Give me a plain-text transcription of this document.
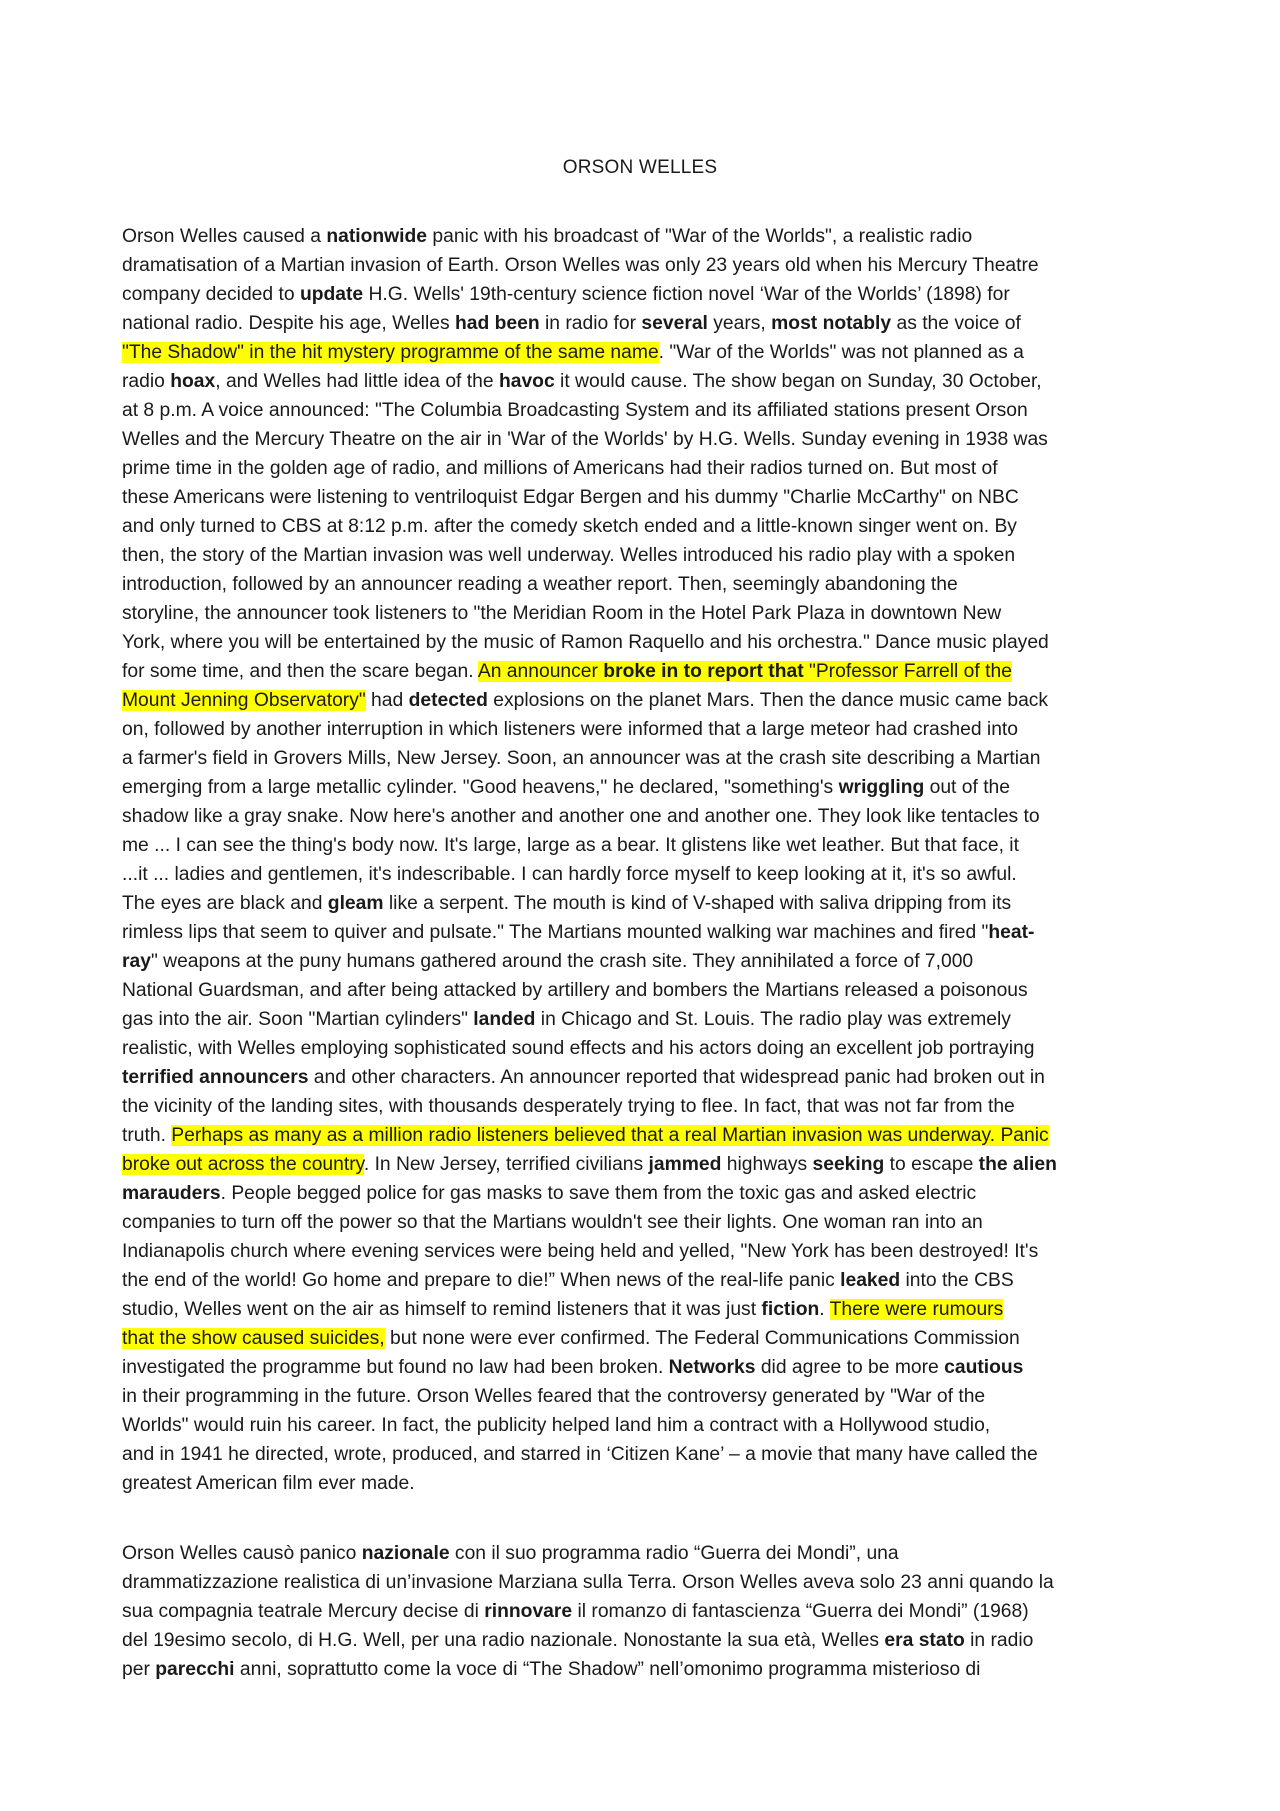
ORSON WELLES
Orson Welles caused a nationwide panic with his broadcast of "War of the Worlds", a realistic radio
dramatisation of a Martian invasion of Earth. Orson Welles was only 23 years old when his Mercury Theatre
company decided to update H.G. Wells' 19th-century science fiction novel ‘War of the Worlds’ (1898) for
national radio. Despite his age, Welles had been in radio for several years, most notably as the voice of
"The Shadow" in the hit mystery programme of the same name. "War of the Worlds" was not planned as a
radio hoax, and Welles had little idea of the havoc it would cause. The show began on Sunday, 30 October,
at 8 p.m. A voice announced: "The Columbia Broadcasting System and its affiliated stations present Orson
Welles and the Mercury Theatre on the air in 'War of the Worlds' by H.G. Wells. Sunday evening in 1938 was
prime time in the golden age of radio, and millions of Americans had their radios turned on. But most of
these Americans were listening to ventriloquist Edgar Bergen and his dummy "Charlie McCarthy" on NBC
and only turned to CBS at 8:12 p.m. after the comedy sketch ended and a little-known singer went on. By
then, the story of the Martian invasion was well underway. Welles introduced his radio play with a spoken
introduction, followed by an announcer reading a weather report. Then, seemingly abandoning the
storyline, the announcer took listeners to "the Meridian Room in the Hotel Park Plaza in downtown New
York, where you will be entertained by the music of Ramon Raquello and his orchestra." Dance music played
for some time, and then the scare began. An announcer broke in to report that "Professor Farrell of the
Mount Jenning Observatory" had detected explosions on the planet Mars. Then the dance music came back
on, followed by another interruption in which listeners were informed that a large meteor had crashed into
a farmer's field in Grovers Mills, New Jersey. Soon, an announcer was at the crash site describing a Martian
emerging from a large metallic cylinder. "Good heavens," he declared, "something's wriggling out of the
shadow like a gray snake. Now here's another and another one and another one. They look like tentacles to
me ... I can see the thing's body now. It's large, large as a bear. It glistens like wet leather. But that face, it
...it ... ladies and gentlemen, it's indescribable. I can hardly force myself to keep looking at it, it's so awful.
The eyes are black and gleam like a serpent. The mouth is kind of V-shaped with saliva dripping from its
rimless lips that seem to quiver and pulsate." The Martians mounted walking war machines and fired "heat-
ray" weapons at the puny humans gathered around the crash site. They annihilated a force of 7,000
National Guardsman, and after being attacked by artillery and bombers the Martians released a poisonous
gas into the air. Soon "Martian cylinders" landed in Chicago and St. Louis. The radio play was extremely
realistic, with Welles employing sophisticated sound effects and his actors doing an excellent job portraying
terrified announcers and other characters. An announcer reported that widespread panic had broken out in
the vicinity of the landing sites, with thousands desperately trying to flee. In fact, that was not far from the
truth. Perhaps as many as a million radio listeners believed that a real Martian invasion was underway. Panic
broke out across the country. In New Jersey, terrified civilians jammed highways seeking to escape the alien
marauders. People begged police for gas masks to save them from the toxic gas and asked electric
companies to turn off the power so that the Martians wouldn't see their lights. One woman ran into an
Indianapolis church where evening services were being held and yelled, "New York has been destroyed! It's
the end of the world! Go home and prepare to die!” When news of the real-life panic leaked into the CBS
studio, Welles went on the air as himself to remind listeners that it was just fiction. There were rumours
that the show caused suicides, but none were ever confirmed. The Federal Communications Commission
investigated the programme but found no law had been broken. Networks did agree to be more cautious
in their programming in the future. Orson Welles feared that the controversy generated by "War of the
Worlds" would ruin his career. In fact, the publicity helped land him a contract with a Hollywood studio,
and in 1941 he directed, wrote, produced, and starred in ‘Citizen Kane’ – a movie that many have called the
greatest American film ever made.
Orson Welles causò panico nazionale con il suo programma radio “Guerra dei Mondi”, una
drammatizzazione realistica di un’invasione Marziana sulla Terra. Orson Welles aveva solo 23 anni quando la
sua compagnia teatrale Mercury decise di rinnovare il romanzo di fantascienza “Guerra dei Mondi” (1968)
del 19esimo secolo, di H.G. Well, per una radio nazionale. Nonostante la sua età, Welles era stato in radio
per parecchi anni, soprattutto come la voce di “The Shadow” nell’omonimo programma misterioso di
